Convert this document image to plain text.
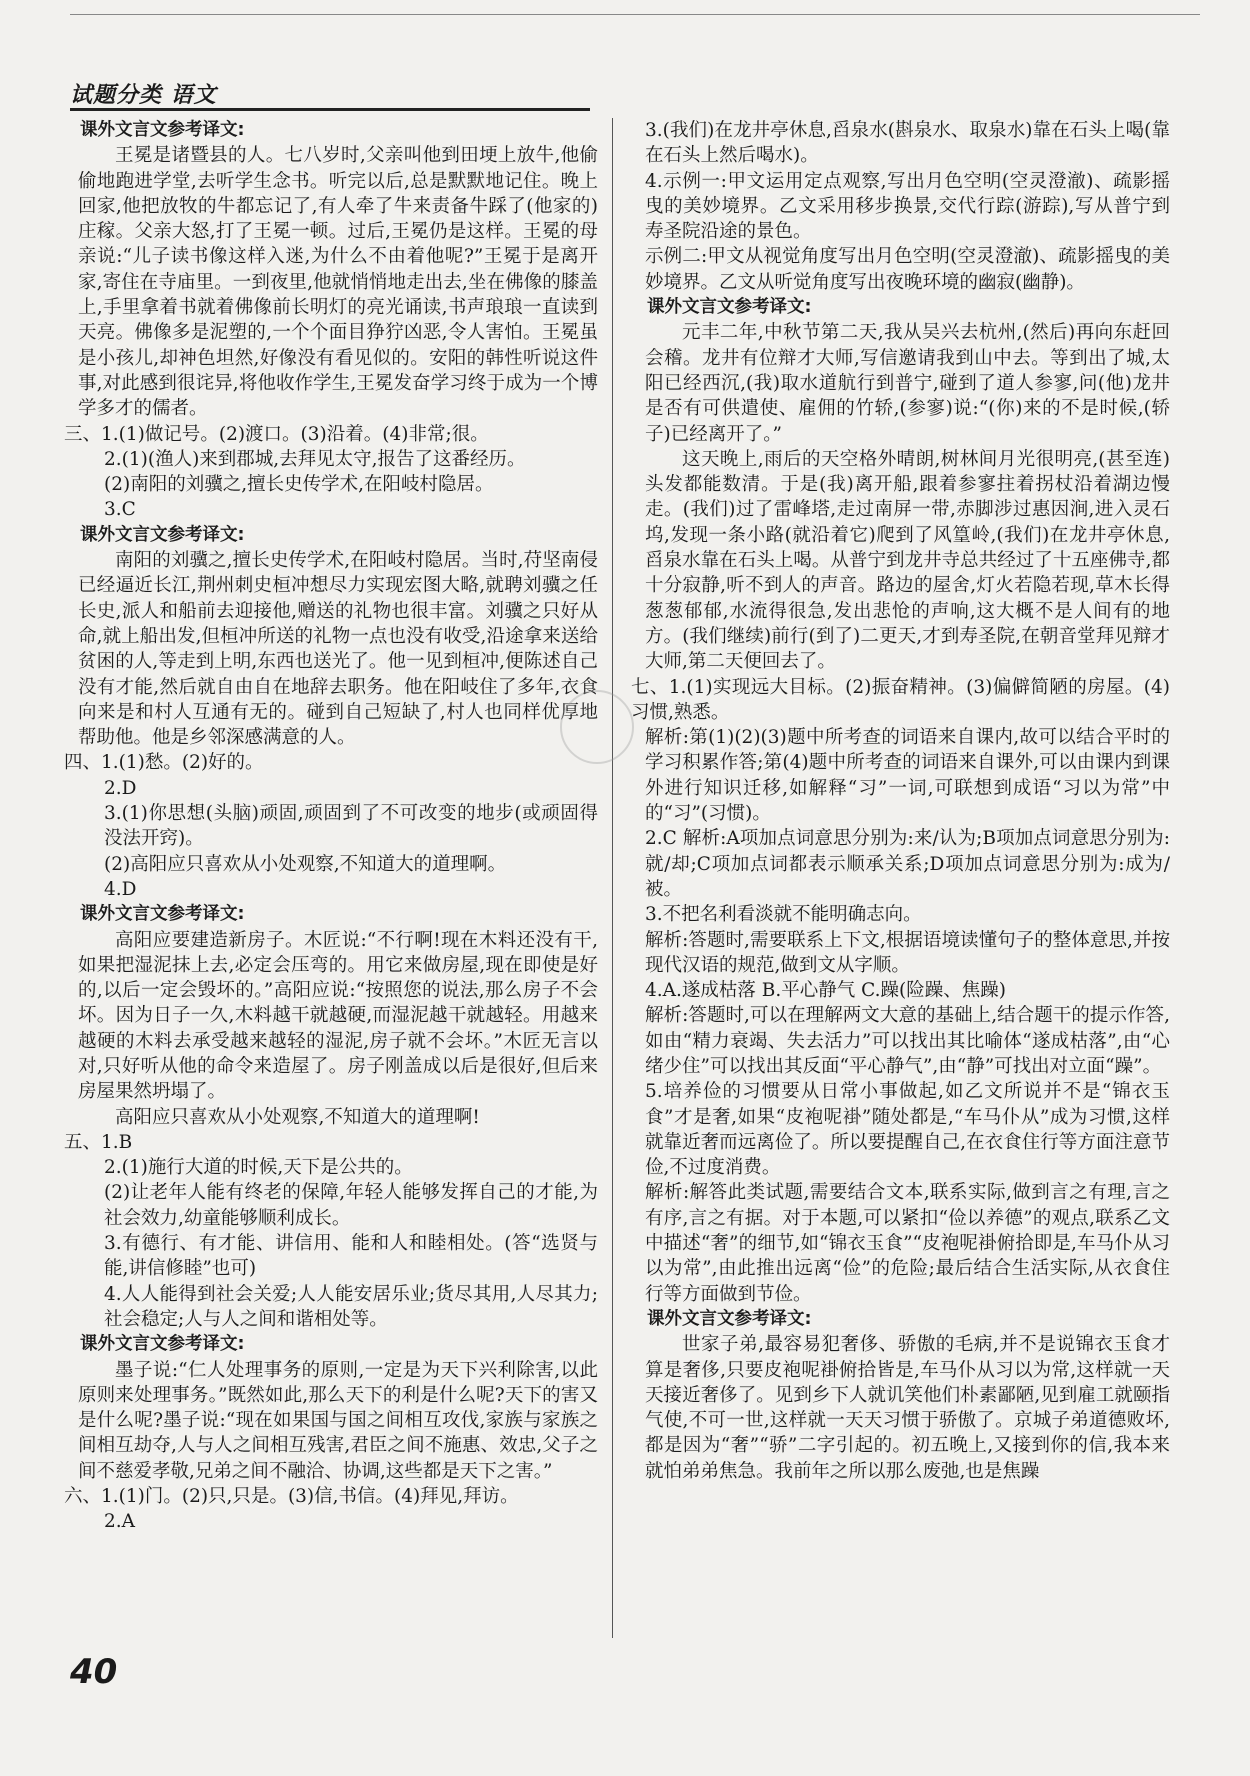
试题分类 语文

课外文言文参考译文:

王冕是诸暨县的人。七八岁时,父亲叫他到田埂上放牛,他偷偷地跑进学堂,去听学生念书。听完以后,总是默默地记住。晚上回家,他把放牧的牛都忘记了,有人牵了牛来责备牛踩了(他家的)庄稼。父亲大怒,打了王冕一顿。过后,王冕仍是这样。王冕的母亲说:“儿子读书像这样入迷,为什么不由着他呢?”王冕于是离开家,寄住在寺庙里。一到夜里,他就悄悄地走出去,坐在佛像的膝盖上,手里拿着书就着佛像前长明灯的亮光诵读,书声琅琅一直读到天亮。佛像多是泥塑的,一个个面目狰狞凶恶,令人害怕。王冕虽是小孩儿,却神色坦然,好像没有看见似的。安阳的韩性听说这件事,对此感到很诧异,将他收作学生,王冕发奋学习终于成为一个博学多才的儒者。

三、1.(1)做记号。(2)渡口。(3)沿着。(4)非常;很。

2.(1)(渔人)来到郡城,去拜见太守,报告了这番经历。

(2)南阳的刘骥之,擅长史传学术,在阳岐村隐居。

3.C

课外文言文参考译文:

南阳的刘骥之,擅长史传学术,在阳岐村隐居。当时,苻坚南侵已经逼近长江,荆州刺史桓冲想尽力实现宏图大略,就聘刘骥之任长史,派人和船前去迎接他,赠送的礼物也很丰富。刘骥之只好从命,就上船出发,但桓冲所送的礼物一点也没有收受,沿途拿来送给贫困的人,等走到上明,东西也送光了。他一见到桓冲,便陈述自己没有才能,然后就自由自在地辞去职务。他在阳岐住了多年,衣食向来是和村人互通有无的。碰到自己短缺了,村人也同样优厚地帮助他。他是乡邻深感满意的人。

四、1.(1)愁。(2)好的。

2.D

3.(1)你思想(头脑)顽固,顽固到了不可改变的地步(或顽固得没法开窍)。

(2)高阳应只喜欢从小处观察,不知道大的道理啊。

4.D

课外文言文参考译文:

高阳应要建造新房子。木匠说:“不行啊!现在木料还没有干,如果把湿泥抹上去,必定会压弯的。用它来做房屋,现在即使是好的,以后一定会毁坏的。”高阳应说:“按照您的说法,那么房子不会坏。因为日子一久,木料越干就越硬,而湿泥越干就越轻。用越来越硬的木料去承受越来越轻的湿泥,房子就不会坏。”木匠无言以对,只好听从他的命令来造屋了。房子刚盖成以后是很好,但后来房屋果然坍塌了。

高阳应只喜欢从小处观察,不知道大的道理啊!

五、1.B

2.(1)施行大道的时候,天下是公共的。

(2)让老年人能有终老的保障,年轻人能够发挥自己的才能,为社会效力,幼童能够顺利成长。

3.有德行、有才能、讲信用、能和人和睦相处。(答“选贤与能,讲信修睦”也可)

4.人人能得到社会关爱;人人能安居乐业;货尽其用,人尽其力;社会稳定;人与人之间和谐相处等。

课外文言文参考译文:

墨子说:“仁人处理事务的原则,一定是为天下兴利除害,以此原则来处理事务。”既然如此,那么天下的利是什么呢?天下的害又是什么呢?墨子说:“现在如果国与国之间相互攻伐,家族与家族之间相互劫夺,人与人之间相互残害,君臣之间不施惠、效忠,父子之间不慈爱孝敬,兄弟之间不融洽、协调,这些都是天下之害。”

六、1.(1)门。(2)只,只是。(3)信,书信。(4)拜见,拜访。

2.A

3.(我们)在龙井亭休息,舀泉水(斟泉水、取泉水)靠在石头上喝(靠在石头上然后喝水)。

4.示例一:甲文运用定点观察,写出月色空明(空灵澄澈)、疏影摇曳的美妙境界。乙文采用移步换景,交代行踪(游踪),写从普宁到寿圣院沿途的景色。

示例二:甲文从视觉角度写出月色空明(空灵澄澈)、疏影摇曳的美妙境界。乙文从听觉角度写出夜晚环境的幽寂(幽静)。

课外文言文参考译文:

元丰二年,中秋节第二天,我从吴兴去杭州,(然后)再向东赶回会稽。龙井有位辩才大师,写信邀请我到山中去。等到出了城,太阳已经西沉,(我)取水道航行到普宁,碰到了道人参寥,问(他)龙井是否有可供遣使、雇佣的竹轿,(参寥)说:“(你)来的不是时候,(轿子)已经离开了。”

这天晚上,雨后的天空格外晴朗,树林间月光很明亮,(甚至连)头发都能数清。于是(我)离开船,跟着参寥拄着拐杖沿着湖边慢走。(我们)过了雷峰塔,走过南屏一带,赤脚涉过惠因涧,进入灵石坞,发现一条小路(就沿着它)爬到了风篁岭,(我们)在龙井亭休息,舀泉水靠在石头上喝。从普宁到龙井寺总共经过了十五座佛寺,都十分寂静,听不到人的声音。路边的屋舍,灯火若隐若现,草木长得葱葱郁郁,水流得很急,发出悲怆的声响,这大概不是人间有的地方。(我们继续)前行(到了)二更天,才到寿圣院,在朝音堂拜见辩才大师,第二天便回去了。

七、1.(1)实现远大目标。(2)振奋精神。(3)偏僻简陋的房屋。(4)习惯,熟悉。

解析:第(1)(2)(3)题中所考查的词语来自课内,故可以结合平时的学习积累作答;第(4)题中所考查的词语来自课外,可以由课内到课外进行知识迁移,如解释“习”一词,可联想到成语“习以为常”中的“习”(习惯)。

2.C 解析:A项加点词意思分别为:来/认为;B项加点词意思分别为:就/却;C项加点词都表示顺承关系;D项加点词意思分别为:成为/被。

3.不把名利看淡就不能明确志向。

解析:答题时,需要联系上下文,根据语境读懂句子的整体意思,并按现代汉语的规范,做到文从字顺。

4.A.遂成枯落 B.平心静气 C.躁(险躁、焦躁)

解析:答题时,可以在理解两文大意的基础上,结合题干的提示作答,如由“精力衰竭、失去活力”可以找出其比喻体“遂成枯落”,由“心绪少住”可以找出其反面“平心静气”,由“静”可找出对立面“躁”。

5.培养俭的习惯要从日常小事做起,如乙文所说并不是“锦衣玉食”才是奢,如果“皮袍呢褂”随处都是,“车马仆从”成为习惯,这样就靠近奢而远离俭了。所以要提醒自己,在衣食住行等方面注意节俭,不过度消费。

解析:解答此类试题,需要结合文本,联系实际,做到言之有理,言之有序,言之有据。对于本题,可以紧扣“俭以养德”的观点,联系乙文中描述“奢”的细节,如“锦衣玉食”“皮袍呢褂俯拾即是,车马仆从习以为常”,由此推出远离“俭”的危险;最后结合生活实际,从衣食住行等方面做到节俭。

课外文言文参考译文:

世家子弟,最容易犯奢侈、骄傲的毛病,并不是说锦衣玉食才算是奢侈,只要皮袍呢褂俯拾皆是,车马仆从习以为常,这样就一天天接近奢侈了。见到乡下人就讥笑他们朴素鄙陋,见到雇工就颐指气使,不可一世,这样就一天天习惯于骄傲了。京城子弟道德败坏,都是因为“奢”“骄”二字引起的。初五晚上,又接到你的信,我本来就怕弟弟焦急。我前年之所以那么废弛,也是焦躁

40
